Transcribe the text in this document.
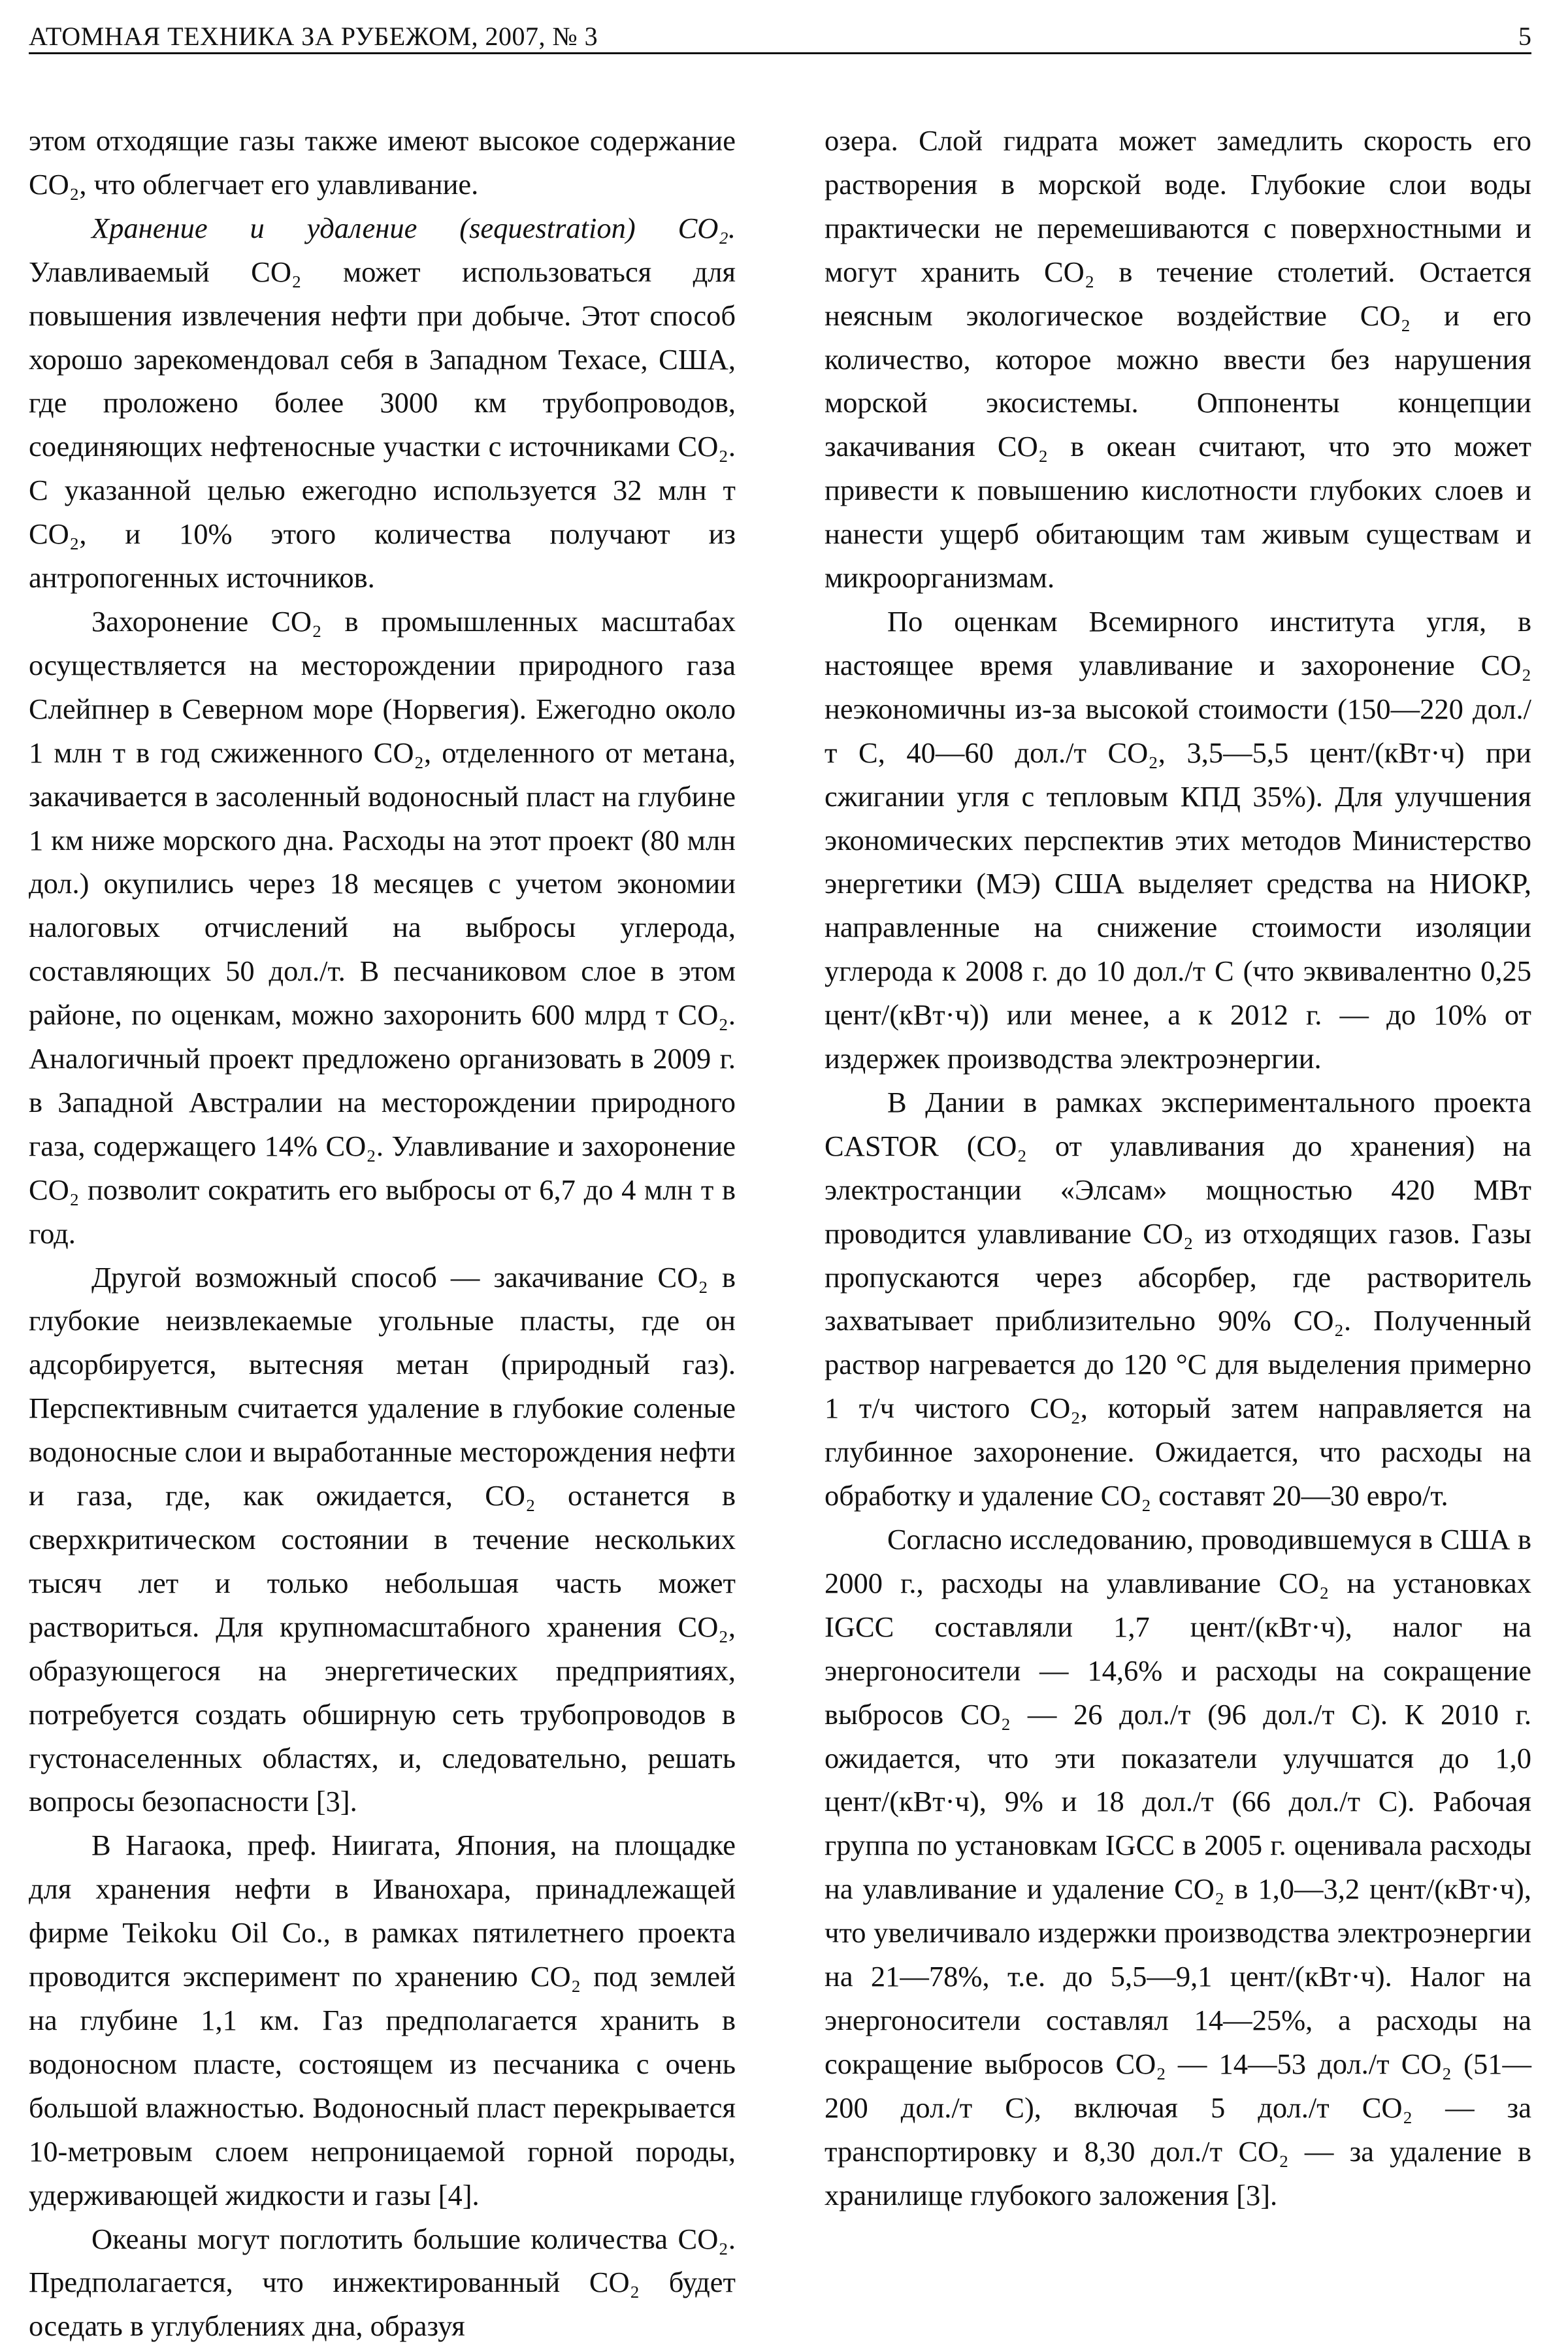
АТОМНАЯ ТЕХНИКА ЗА РУБЕЖОМ, 2007, № 3	5

этом отходящие газы также имеют высокое содержание CO₂, что облегчает его улавливание.

Хранение и удаление (sequestration) CO₂. Улавливаемый CO₂ может использоваться для повышения извлечения нефти при добыче. Этот способ хорошо зарекомендовал себя в Западном Техасе, США, где проложено более 3000 км трубопроводов, соединяющих нефтеносные участки с источниками CO₂. С указанной целью ежегодно используется 32 млн т CO₂, и 10% этого количества получают из антропогенных источников.

Захоронение CO₂ в промышленных масштабах осуществляется на месторождении природного газа Слейпнер в Северном море (Норвегия). Ежегодно около 1 млн т в год сжиженного CO₂, отделенного от метана, закачивается в засоленный водоносный пласт на глубине 1 км ниже морского дна. Расходы на этот проект (80 млн дол.) окупились через 18 месяцев с учетом экономии налоговых отчислений на выбросы углерода, составляющих 50 дол./т. В песчаниковом слое в этом районе, по оценкам, можно захоронить 600 млрд т CO₂. Аналогичный проект предложено организовать в 2009 г. в Западной Австралии на месторождении природного газа, содержащего 14% CO₂. Улавливание и захоронение CO₂ позволит сократить его выбросы от 6,7 до 4 млн т в год.

Другой возможный способ — закачивание CO₂ в глубокие неизвлекаемые угольные пласты, где он адсорбируется, вытесняя метан (природный газ). Перспективным считается удаление в глубокие соленые водоносные слои и выработанные месторождения нефти и газа, где, как ожидается, CO₂ останется в сверхкритическом состоянии в течение нескольких тысяч лет и только небольшая часть может раствориться. Для крупномасштабного хранения CO₂, образующегося на энергетических предприятиях, потребуется создать обширную сеть трубопроводов в густонаселенных областях, и, следовательно, решать вопросы безопасности [3].

В Нагаока, преф. Ниигата, Япония, на площадке для хранения нефти в Иванохара, принадлежащей фирме Teikoku Oil Co., в рамках пятилетнего проекта проводится эксперимент по хранению CO₂ под землей на глубине 1,1 км. Газ предполагается хранить в водоносном пласте, состоящем из песчаника с очень большой влажностью. Водоносный пласт перекрывается 10-метровым слоем непроницаемой горной породы, удерживающей жидкости и газы [4].

Океаны могут поглотить большие количества CO₂. Предполагается, что инжектированный CO₂ будет оседать в углублениях дна, образуя

озера. Слой гидрата может замедлить скорость его растворения в морской воде. Глубокие слои воды практически не перемешиваются с поверхностными и могут хранить CO₂ в течение столетий. Остается неясным экологическое воздействие CO₂ и его количество, которое можно ввести без нарушения морской экосистемы. Оппоненты концепции закачивания CO₂ в океан считают, что это может привести к повышению кислотности глубоких слоев и нанести ущерб обитающим там живым существам и микроорганизмам.

По оценкам Всемирного института угля, в настоящее время улавливание и захоронение CO₂ неэкономичны из-за высокой стоимости (150—220 дол./т C, 40—60 дол./т CO₂, 3,5—5,5 цент/(кВт·ч) при сжигании угля с тепловым КПД 35%). Для улучшения экономических перспектив этих методов Министерство энергетики (МЭ) США выделяет средства на НИОКР, направленные на снижение стоимости изоляции углерода к 2008 г. до 10 дол./т C (что эквивалентно 0,25 цент/(кВт·ч)) или менее, а к 2012 г. — до 10% от издержек производства электроэнергии.

В Дании в рамках экспериментального проекта CASTOR (CO₂ от улавливания до хранения) на электростанции «Элсам» мощностью 420 МВт проводится улавливание CO₂ из отходящих газов. Газы пропускаются через абсорбер, где растворитель захватывает приблизительно 90% CO₂. Полученный раствор нагревается до 120 °C для выделения примерно 1 т/ч чистого CO₂, который затем направляется на глубинное захоронение. Ожидается, что расходы на обработку и удаление CO₂ составят 20—30 евро/т.

Согласно исследованию, проводившемуся в США в 2000 г., расходы на улавливание CO₂ на установках IGCC составляли 1,7 цент/(кВт·ч), налог на энергоносители — 14,6% и расходы на сокращение выбросов CO₂ — 26 дол./т (96 дол./т C). К 2010 г. ожидается, что эти показатели улучшатся до 1,0 цент/(кВт·ч), 9% и 18 дол./т (66 дол./т C). Рабочая группа по установкам IGCC в 2005 г. оценивала расходы на улавливание и удаление CO₂ в 1,0—3,2 цент/(кВт·ч), что увеличивало издержки производства электроэнергии на 21—78%, т.е. до 5,5—9,1 цент/(кВт·ч). Налог на энергоносители составлял 14—25%, а расходы на сокращение выбросов CO₂ — 14—53 дол./т CO₂ (51—200 дол./т C), включая 5 дол./т CO₂ — за транспортировку и 8,30 дол./т CO₂ — за удаление в хранилище глубокого заложения [3].
